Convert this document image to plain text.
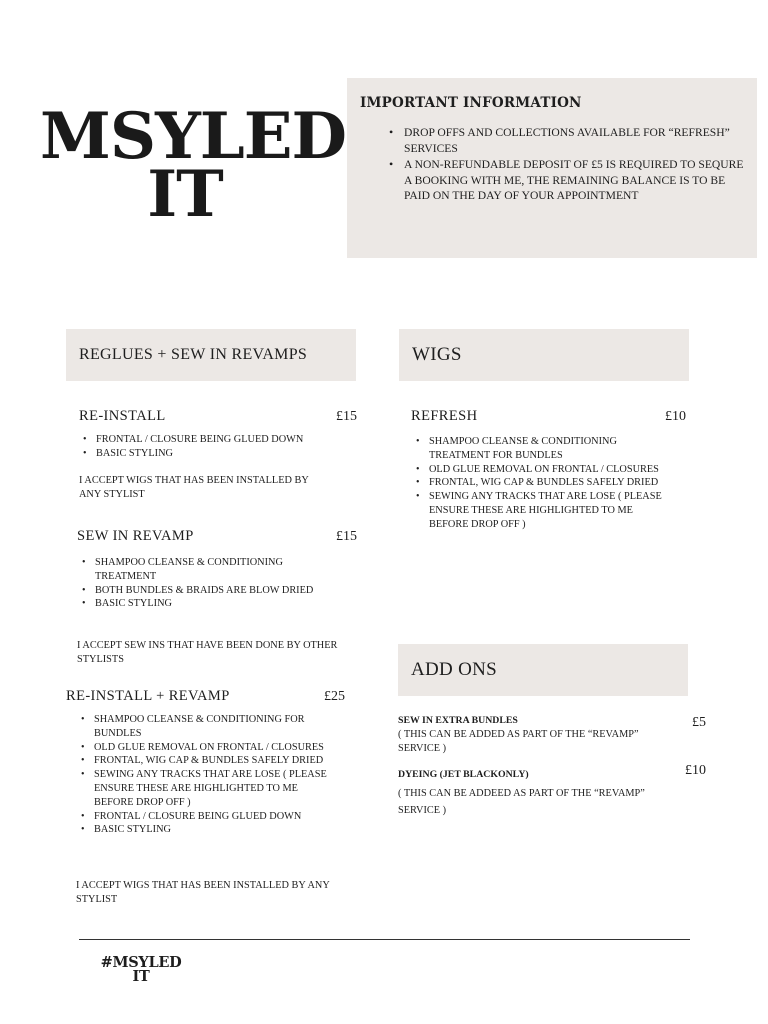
MSYLED
IT
IMPORTANT INFORMATION
• DROP OFFS AND COLLECTIONS AVAILABLE FOR “REFRESH” SERVICES
• A NON-REFUNDABLE DEPOSIT OF £5 IS REQUIRED TO SEQURE A BOOKING WITH ME, THE REMAINING BALANCE IS TO BE PAID ON THE DAY OF YOUR APPOINTMENT
REGLUES + SEW IN REVAMPS	WIGS
ADD ONS
RE-INSTALL	£15
• FRONTAL / CLOSURE BEING GLUED DOWN
• BASIC STYLING
I ACCEPT WIGS THAT HAS BEEN INSTALLED BY ANY STYLIST
SEW IN REVAMP	£15
• SHAMPOO CLEANSE & CONDITIONING TREATMENT
• BOTH BUNDLES & BRAIDS ARE BLOW DRIED
• BASIC STYLING
I ACCEPT SEW INS THAT HAVE BEEN DONE BY OTHER STYLISTS
RE-INSTALL + REVAMP	£25
• SHAMPOO CLEANSE & CONDITIONING FOR BUNDLES
• OLD GLUE REMOVAL ON FRONTAL / CLOSURES
• FRONTAL, WIG CAP & BUNDLES SAFELY DRIED
• SEWING ANY TRACKS THAT ARE LOSE ( PLEASE ENSURE THESE ARE HIGHLIGHTED TO ME BEFORE DROP OFF )
• FRONTAL / CLOSURE BEING GLUED DOWN
• BASIC STYLING
I ACCEPT WIGS THAT HAS BEEN INSTALLED BY ANY STYLIST
REFRESH	£10
• SHAMPOO CLEANSE & CONDITIONING TREATMENT FOR BUNDLES
• OLD GLUE REMOVAL ON FRONTAL / CLOSURES
• FRONTAL, WIG CAP & BUNDLES SAFELY DRIED
• SEWING ANY TRACKS THAT ARE LOSE ( PLEASE ENSURE THESE ARE HIGHLIGHTED TO ME BEFORE DROP OFF )
SEW IN EXTRA BUNDLES	£5
( THIS CAN BE ADDED AS PART OF THE “REVAMP” SERVICE )
DYEING (JET BLACKONLY)	£10
( THIS CAN BE ADDEED AS PART OF THE “REVAMP” SERVICE )
#MSYLED
IT
